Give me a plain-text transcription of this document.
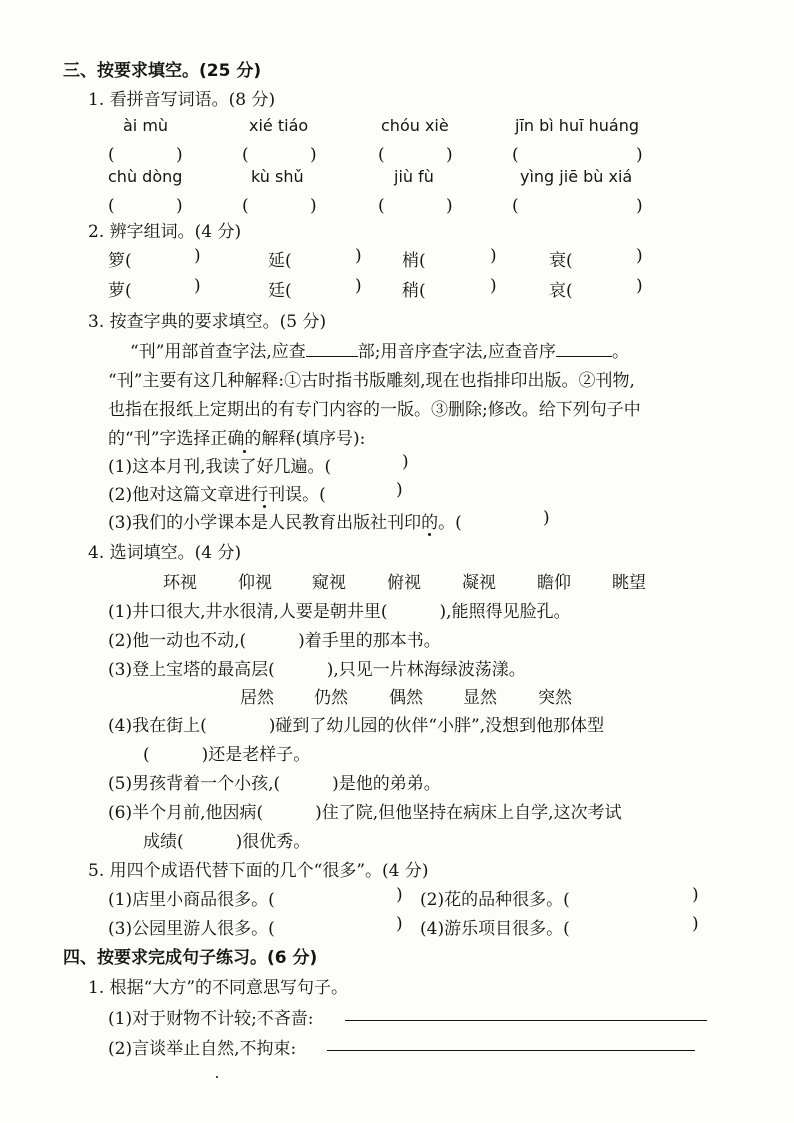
三、按要求填空。(25 分)
1. 看拼音写词语。(8 分)
ài mù	xié tiáo	chóu xiè	jīn bì huī huáng
(	)	(	)	(	)	(	)
chù dòng	kù shǔ	jiù fù	yìng jiē bù xiá
(	)	(	)	(	)	(	)
2. 辨字组词。(4 分)
箩(	)	延(	) 梢(	)	衰(	)
萝(	)	廷(	) 稍(	)	哀(	)
3. 按查字典的要求填空。(5 分)
“刊”用部首查字法,应查	部;用音序查字法,应查音序	。
“刊”主要有这几种解释:①古时指书版雕刻,现在也指排印出版。②刊物,
也指在报纸上定期出的有专门内容的一版。③删除;修改。给下列句子中
的“刊”字选择正确的解释(填序号):
(1)这本月刊,我读了好几遍。(	)
(2)他对这篇文章进行刊误。(	)
(3)我们的小学课本是人民教育出版社刊印的。(	)
4. 选词填空。(4 分)
环视 仰视 窥视 俯视 凝视 瞻仰 眺望
(1)井口很大,井水很清,人要是朝井里(	),能照得见脸孔。
(2)他一动也不动,(	)着手里的那本书。
(3)登上宝塔的最高层(	),只见一片林海绿波荡漾。
居然 仍然 偶然 显然 突然
(4)我在街上(	)碰到了幼儿园的伙伴“小胖”,没想到他那体型
(	)还是老样子。
(5)男孩背着一个小孩,(	)是他的弟弟。
(6)半个月前,他因病(	)住了院,但他坚持在病床上自学,这次考试
成绩(	)很优秀。
5. 用四个成语代替下面的几个“很多”。(4 分)
(1)店里小商品很多。(	) (2)花的品种很多。(	)
(3)公园里游人很多。(	) (4)游乐项目很多。(	)
四、按要求完成句子练习。(6 分)
1. 根据“大方”的不同意思写句子。
(1)对于财物不计较;不吝啬:
(2)言谈举止自然,不拘束:
